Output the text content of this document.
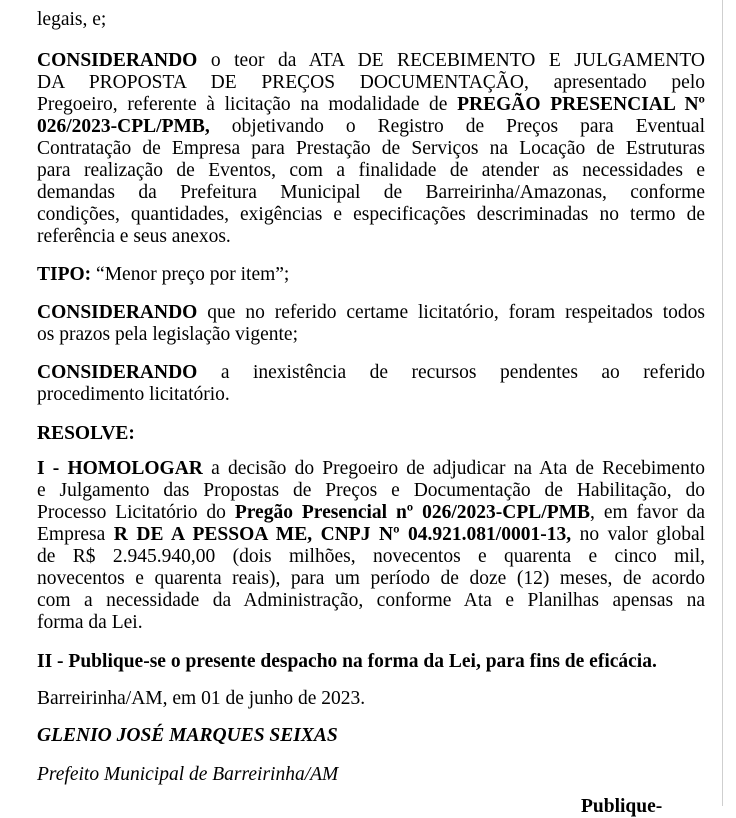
legais, e;
CONSIDERANDO o teor da ATA DE RECEBIMENTO E JULGAMENTO
DA PROPOSTA DE PREÇOS DOCUMENTAÇÃO, apresentado pelo
Pregoeiro, referente à licitação na modalidade de PREGÃO PRESENCIAL Nº
026/2023-CPL/PMB, objetivando o Registro de Preços para Eventual
Contratação de Empresa para Prestação de Serviços na Locação de Estruturas
para realização de Eventos, com a finalidade de atender as necessidades e
demandas da Prefeitura Municipal de Barreirinha/Amazonas, conforme
condições, quantidades, exigências e especificações descriminadas no termo de
referência e seus anexos.
TIPO: “Menor preço por item”;
CONSIDERANDO que no referido certame licitatório, foram respeitados todos
os prazos pela legislação vigente;
CONSIDERANDO a inexistência de recursos pendentes ao referido
procedimento licitatório.
RESOLVE:
I - HOMOLOGAR a decisão do Pregoeiro de adjudicar na Ata de Recebimento
e Julgamento das Propostas de Preços e Documentação de Habilitação, do
Processo Licitatório do Pregão Presencial nº 026/2023-CPL/PMB, em favor da
Empresa R DE A PESSOA ME, CNPJ Nº 04.921.081/0001-13, no valor global
de R$ 2.945.940,00 (dois milhões, novecentos e quarenta e cinco mil,
novecentos e quarenta reais), para um período de doze (12) meses, de acordo
com a necessidade da Administração, conforme Ata e Planilhas apensas na
forma da Lei.
II - Publique-se o presente despacho na forma da Lei, para fins de eficácia.
Barreirinha/AM, em 01 de junho de 2023.
GLENIO JOSÉ MARQUES SEIXAS
Prefeito Municipal de Barreirinha/AM
Publique-
